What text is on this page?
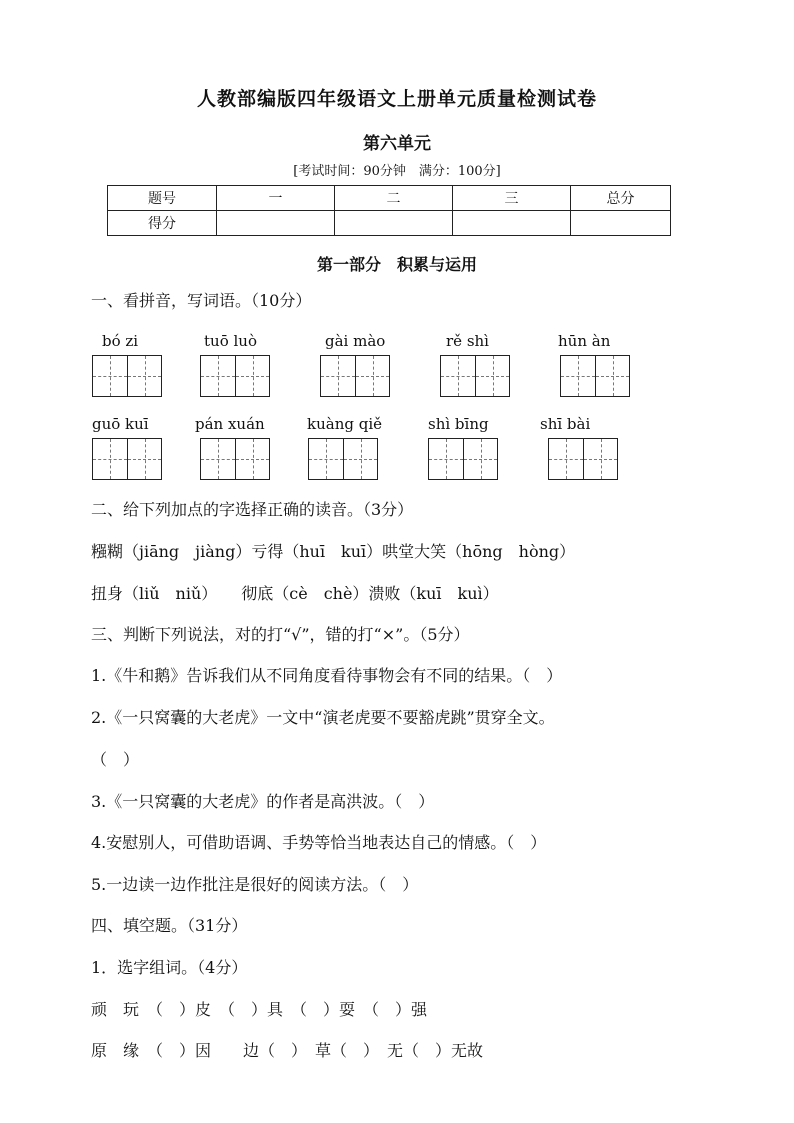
人教部编版四年级语文上册单元质量检测试卷
第六单元
[考试时间：90分钟　满分：100分]
题号	一	二	三	总分
得分				
第一部分　积累与运用
一、看拼音，写词语。（10分）
bó zi	tuō luò	gài mào	rě shì	hūn àn
guō kuī	pán xuán	kuàng qiě	shì bīng	shī bài
二、给下列加点的字选择正确的读音。（3分）
糨糊（jiāng　jiàng）亏得（huī　kuī）哄堂大笑（hōng　hòng）
扭身（liǔ　niǔ）　　彻底（cè　chè）溃败（kuī　kuì）
三、判断下列说法，对的打“√”，错的打“×”。（5分）
1.《牛和鹅》告诉我们从不同角度看待事物会有不同的结果。（　）
2.《一只窝囊的大老虎》一文中“演老虎要不要豁虎跳”贯穿全文。
（　）
3.《一只窝囊的大老虎》的作者是高洪波。（　）
4.安慰别人，可借助语调、手势等恰当地表达自己的情感。（　）
5.一边读一边作批注是很好的阅读方法。（　）
四、填空题。（31分）
1．选字组词。（4分）
顽　玩　（　）皮　（　）具　（　）耍　（　）强
原　缘　（　）因　　边（　）　草（　）　无（　）无故
